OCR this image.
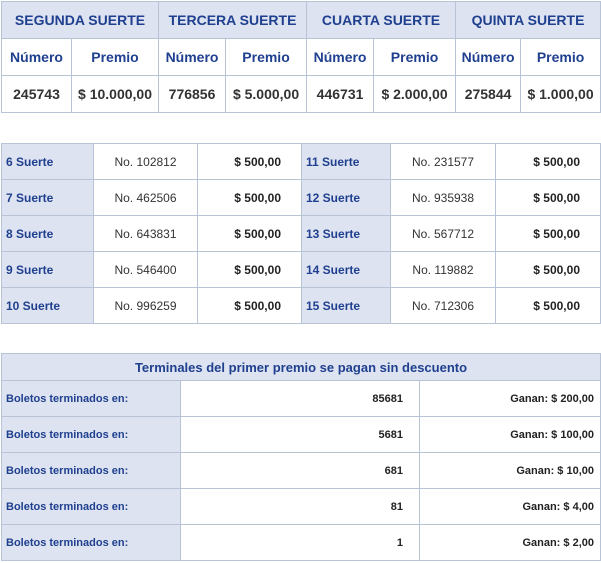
SEGUNDA SUERTE		TERCERA SUERTE		CUARTA SUERTE		QUINTA SUERTE	
Número	Premio	Número	Premio	Número	Premio	Número	Premio
245743	$ 10.000,00	776856	$ 5.000,00	446731	$ 2.000,00	275844	$ 1.000,00
6 Suerte	No. 102812	$ 500,00	11 Suerte	No. 231577	$ 500,00
7 Suerte	No. 462506	$ 500,00	12 Suerte	No. 935938	$ 500,00
8 Suerte	No. 643831	$ 500,00	13 Suerte	No. 567712	$ 500,00
9 Suerte	No. 546400	$ 500,00	14 Suerte	No. 119882	$ 500,00
10 Suerte	No. 996259	$ 500,00	15 Suerte	No. 712306	$ 500,00
Terminales del primer premio se pagan sin descuento		
Boletos terminados en:	85681	Ganan: $ 200,00
Boletos terminados en:	5681	Ganan: $ 100,00
Boletos terminados en:	681	Ganan: $ 10,00
Boletos terminados en:	81	Ganan: $ 4,00
Boletos terminados en:	1	Ganan: $ 2,00
